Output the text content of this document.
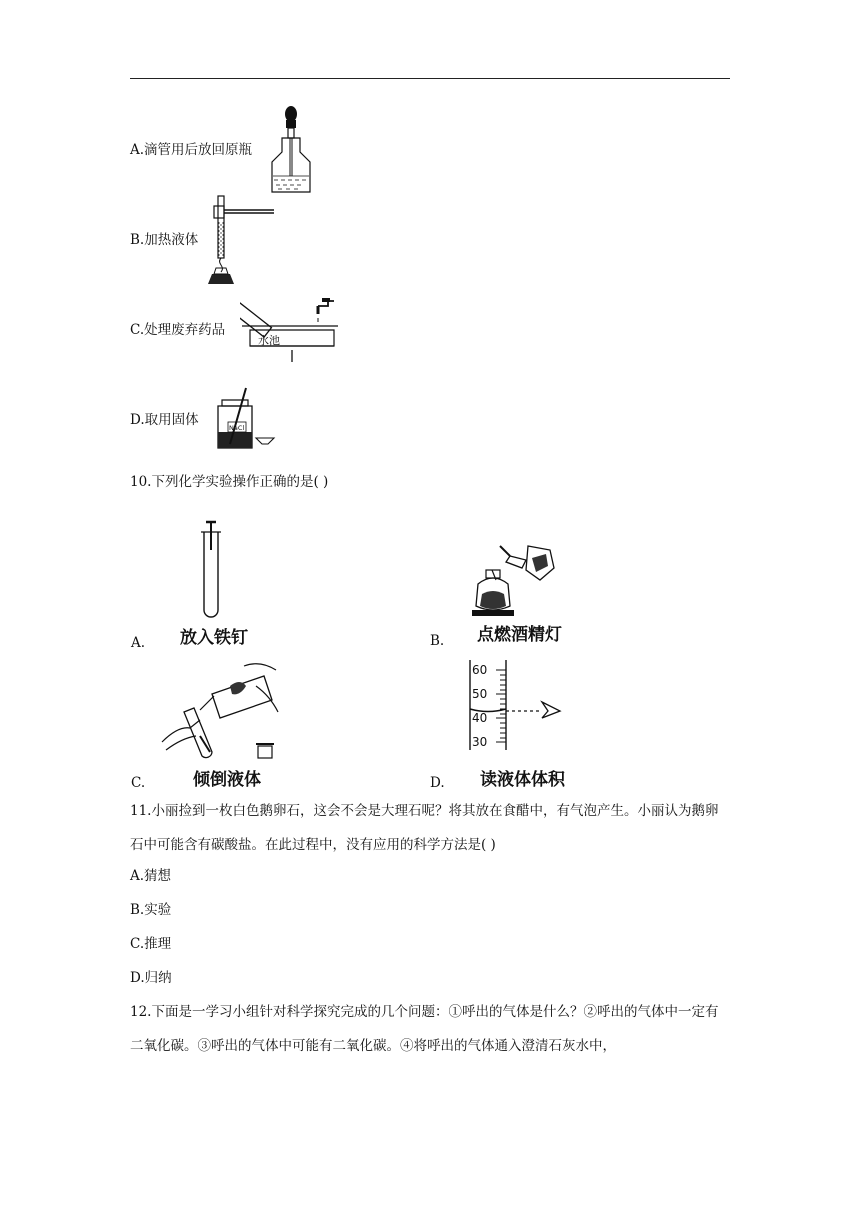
A.滴管用后放回原瓶
B.加热液体
C.处理废弃药品
水池
D.取用固体	NaCl
10.下列化学实验操作正确的是( )
A. 放入铁钉	B. 点燃酒精灯
C.	倾倒液体
60
50
40
30
D. 读液体体积
11.小丽捡到一枚白色鹅卵石，这会不会是大理石呢？将其放在食醋中，有气泡产生。小丽认为鹅卵石中可能含有碳酸盐。在此过程中，没有应用的科学方法是( )
A.猜想
B.实验
C.推理
D.归纳
12.下面是一学习小组针对科学探究完成的几个问题：①呼出的气体是什么？②呼出的气体中一定有二氧化碳。③呼出的气体中可能有二氧化碳。④将呼出的气体通入澄清石灰水中，
